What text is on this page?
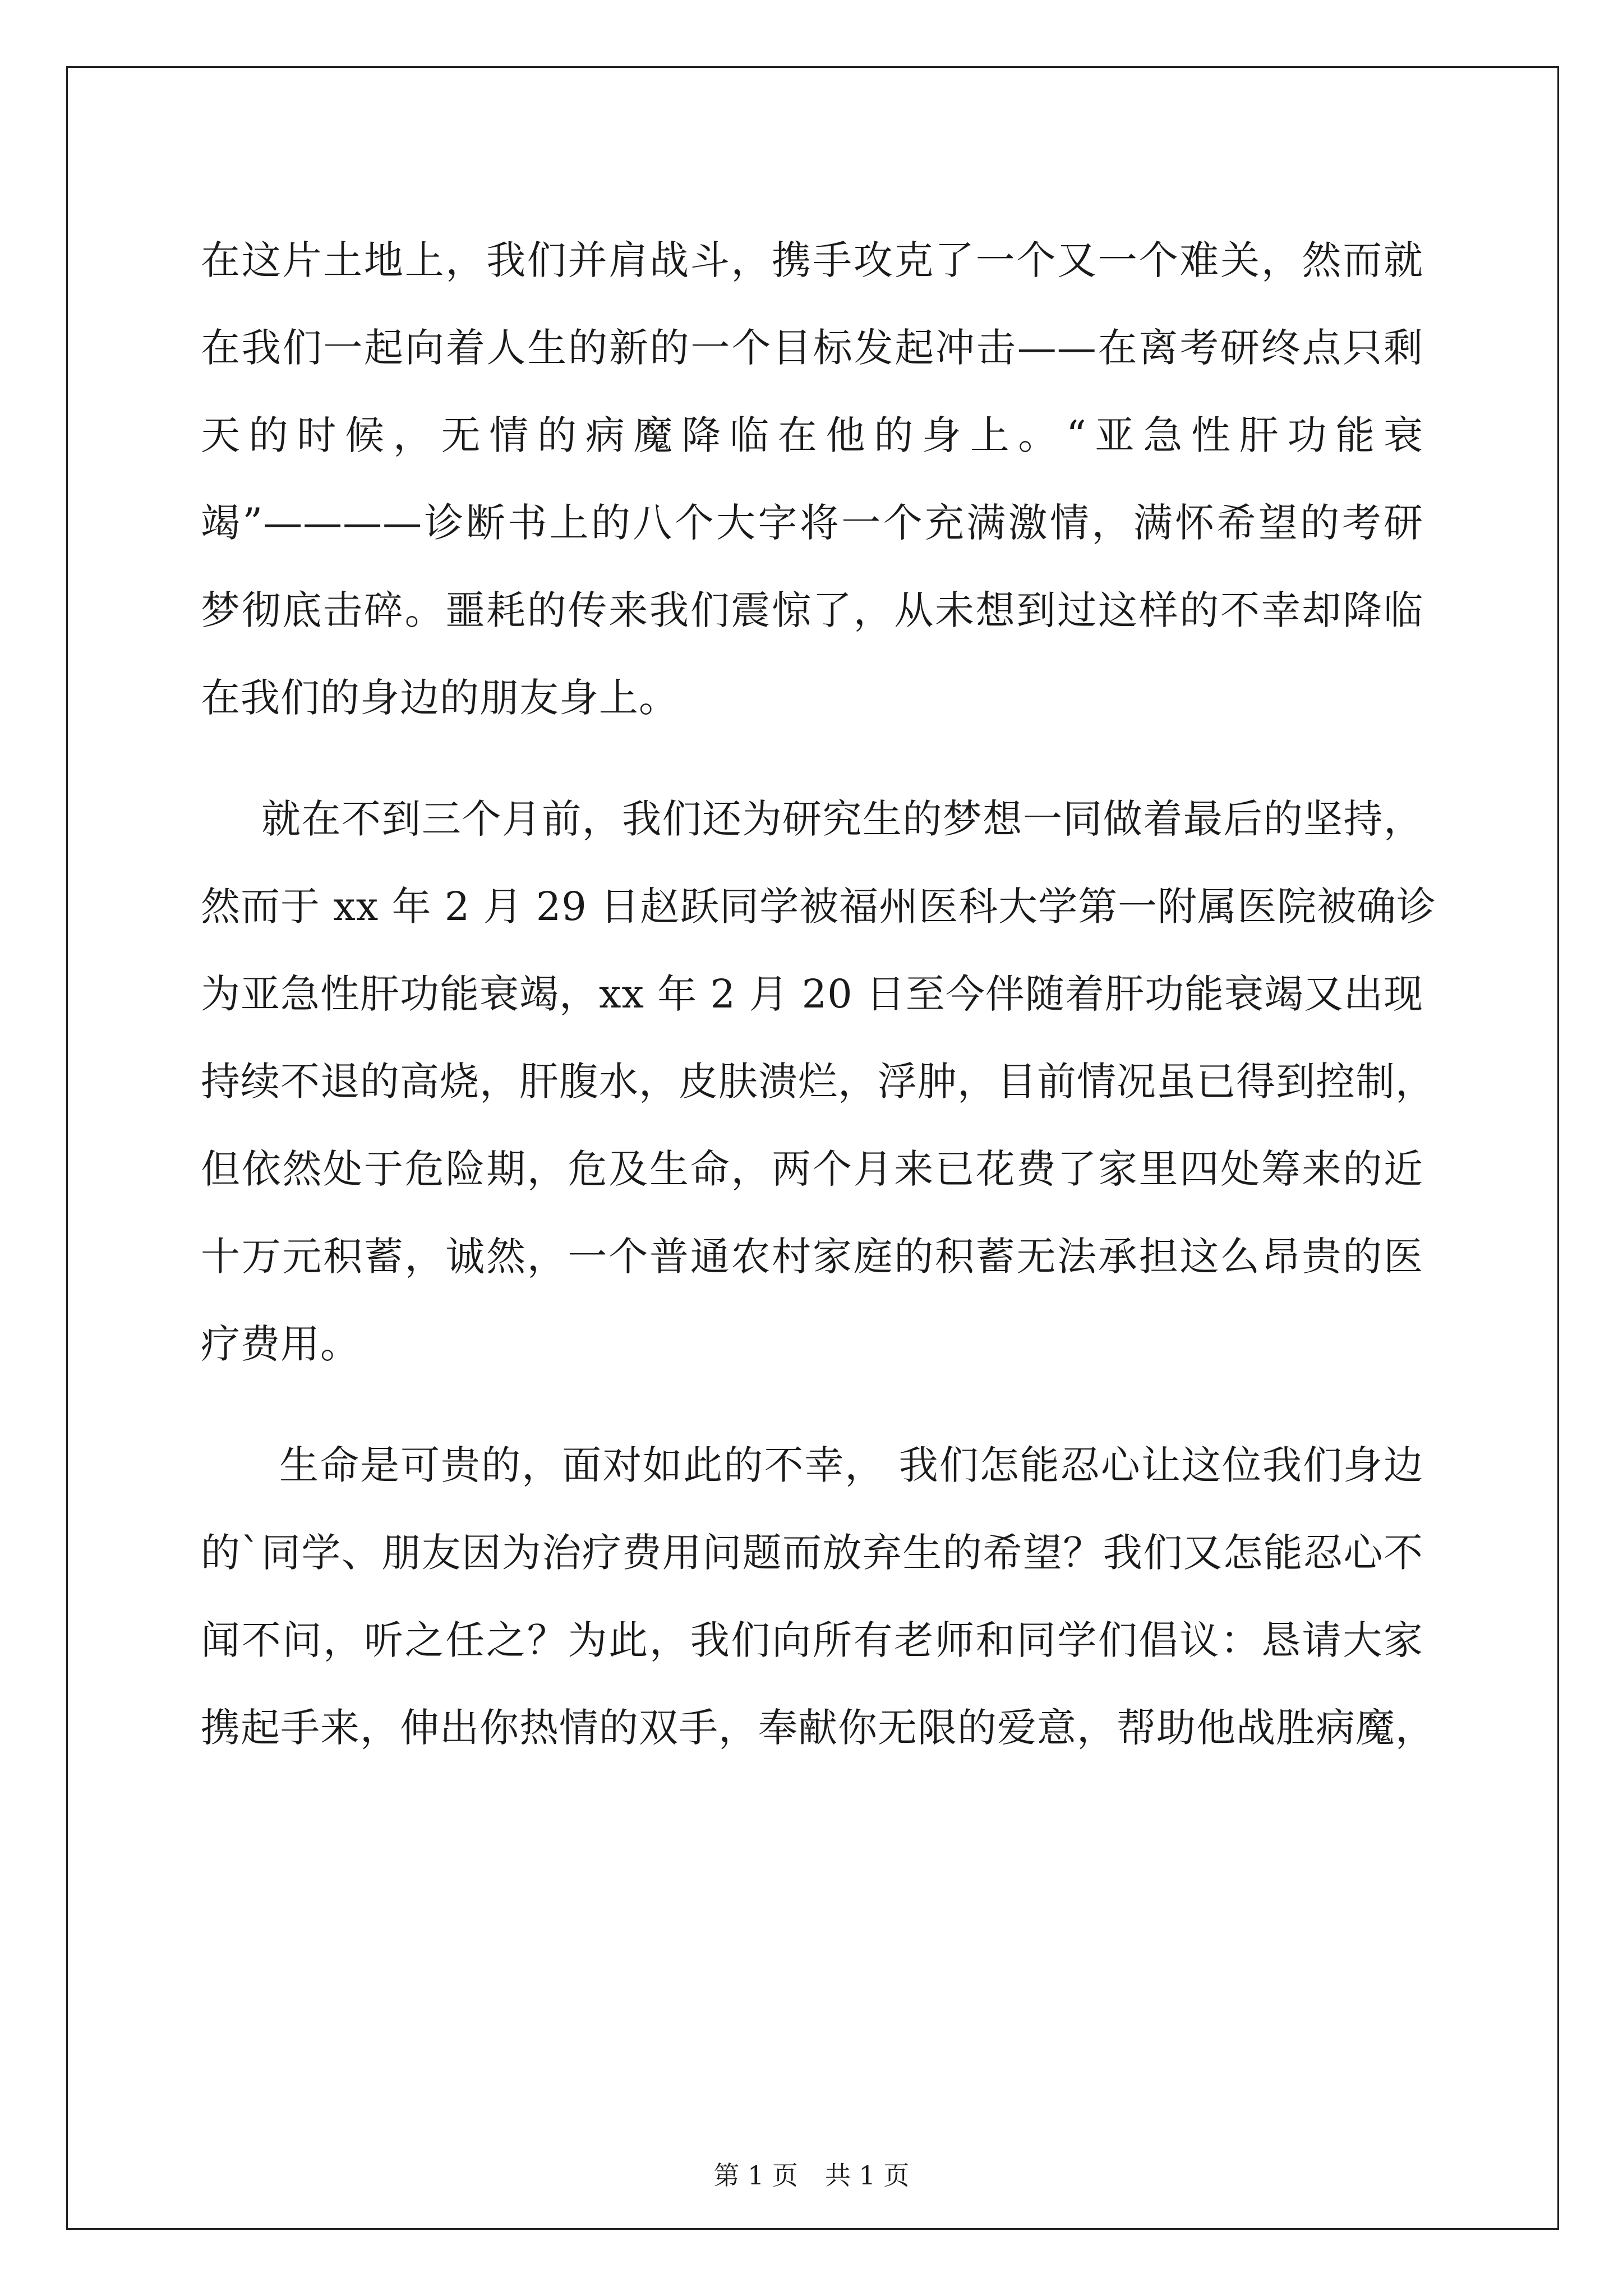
在这片土地上，我们并肩战斗，携手攻克了一个又一个难关，然而就
在我们一起向着人生的新的一个目标发起冲击——在离考研终点只剩
天的时候，无情的病魔降临在他的身上。“亚急性肝功能衰
竭”————诊断书上的八个大字将一个充满激情，满怀希望的考研
梦彻底击碎。噩耗的传来我们震惊了，从未想到过这样的不幸却降临
在我们的身边的朋友身上。
就在不到三个月前，我们还为研究生的梦想一同做着最后的坚持，
然而于 xx 年 2 月 29 日赵跃同学被福州医科大学第一附属医院被确诊
为亚急性肝功能衰竭，xx 年 2 月 20 日至今伴随着肝功能衰竭又出现
持续不退的高烧，肝腹水，皮肤溃烂，浮肿，目前情况虽已得到控制，
但依然处于危险期，危及生命，两个月来已花费了家里四处筹来的近
十万元积蓄，诚然，一个普通农村家庭的积蓄无法承担这么昂贵的医
疗费用。
生命是可贵的，面对如此的不幸， 我们怎能忍心让这位我们身边
的`同学、朋友因为治疗费用问题而放弃生的希望？我们又怎能忍心不
闻不问，听之任之？为此，我们向所有老师和同学们倡议：恳请大家
携起手来，伸出你热情的双手，奉献你无限的爱意，帮助他战胜病魔，
第 1 页 共 1 页
